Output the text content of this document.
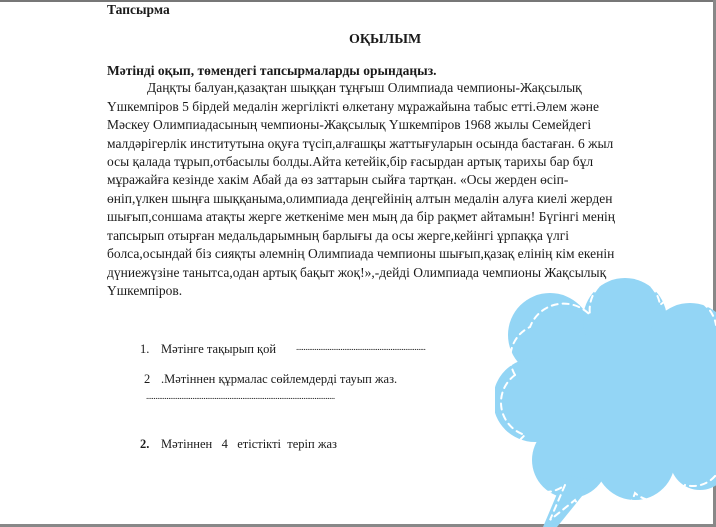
Тапсырма
ОҚЫЛЫМ
Мәтінді оқып, төмендегі тапсырмаларды орындаңыз.
Даңқты балуан,қазақтан шыққан тұңғыш Олимпиада чемпионы-Жақсылық
Үшкемпіров 5 бірдей медалін жергілікті өлкетану мұражайына табыс етті.Әлем және
Мәскеу Олимпиадасының чемпионы-Жақсылық Үшкемпіров 1968 жылы Семейдегі
малдәрігерлік институтына оқуға түсіп,алғашқы жаттығуларын осында бастаған. 6 жыл
осы қалада тұрып,отбасылы болды.Айта кетейік,бір ғасырдан артық тарихы бар бұл
мұражайға кезінде хакім Абай да өз заттарын сыйға тартқан. «Осы жерден өсіп-
өніп,үлкен шыңға шыққаныма,олимпиада деңгейінің алтын медалін алуға киелі жерден
шығып,соншама атақты жерге жеткеніме мен мың да бір рақмет айтамын! Бүгінгі менің
тапсырып отырған медальдарымның барлығы да осы жерге,кейінгі ұрпаққа үлгі
болса,осындай біз сияқты әлемнің Олимпиада чемпионы шығып,қазақ елінің кім екенін
дүниежүзіне танытса,одан артық бақыт жоқ!»,-дейді Олимпиада чемпионы Жақсылық
Үшкемпіров.
1. Мәтінге тақырып қой ......................................................................
2 .Мәтіннен құрмалас сөйлемдерді тауып жаз.
......................................................................................................
2. Мәтіннен   4   етістікті  теріп жаз
